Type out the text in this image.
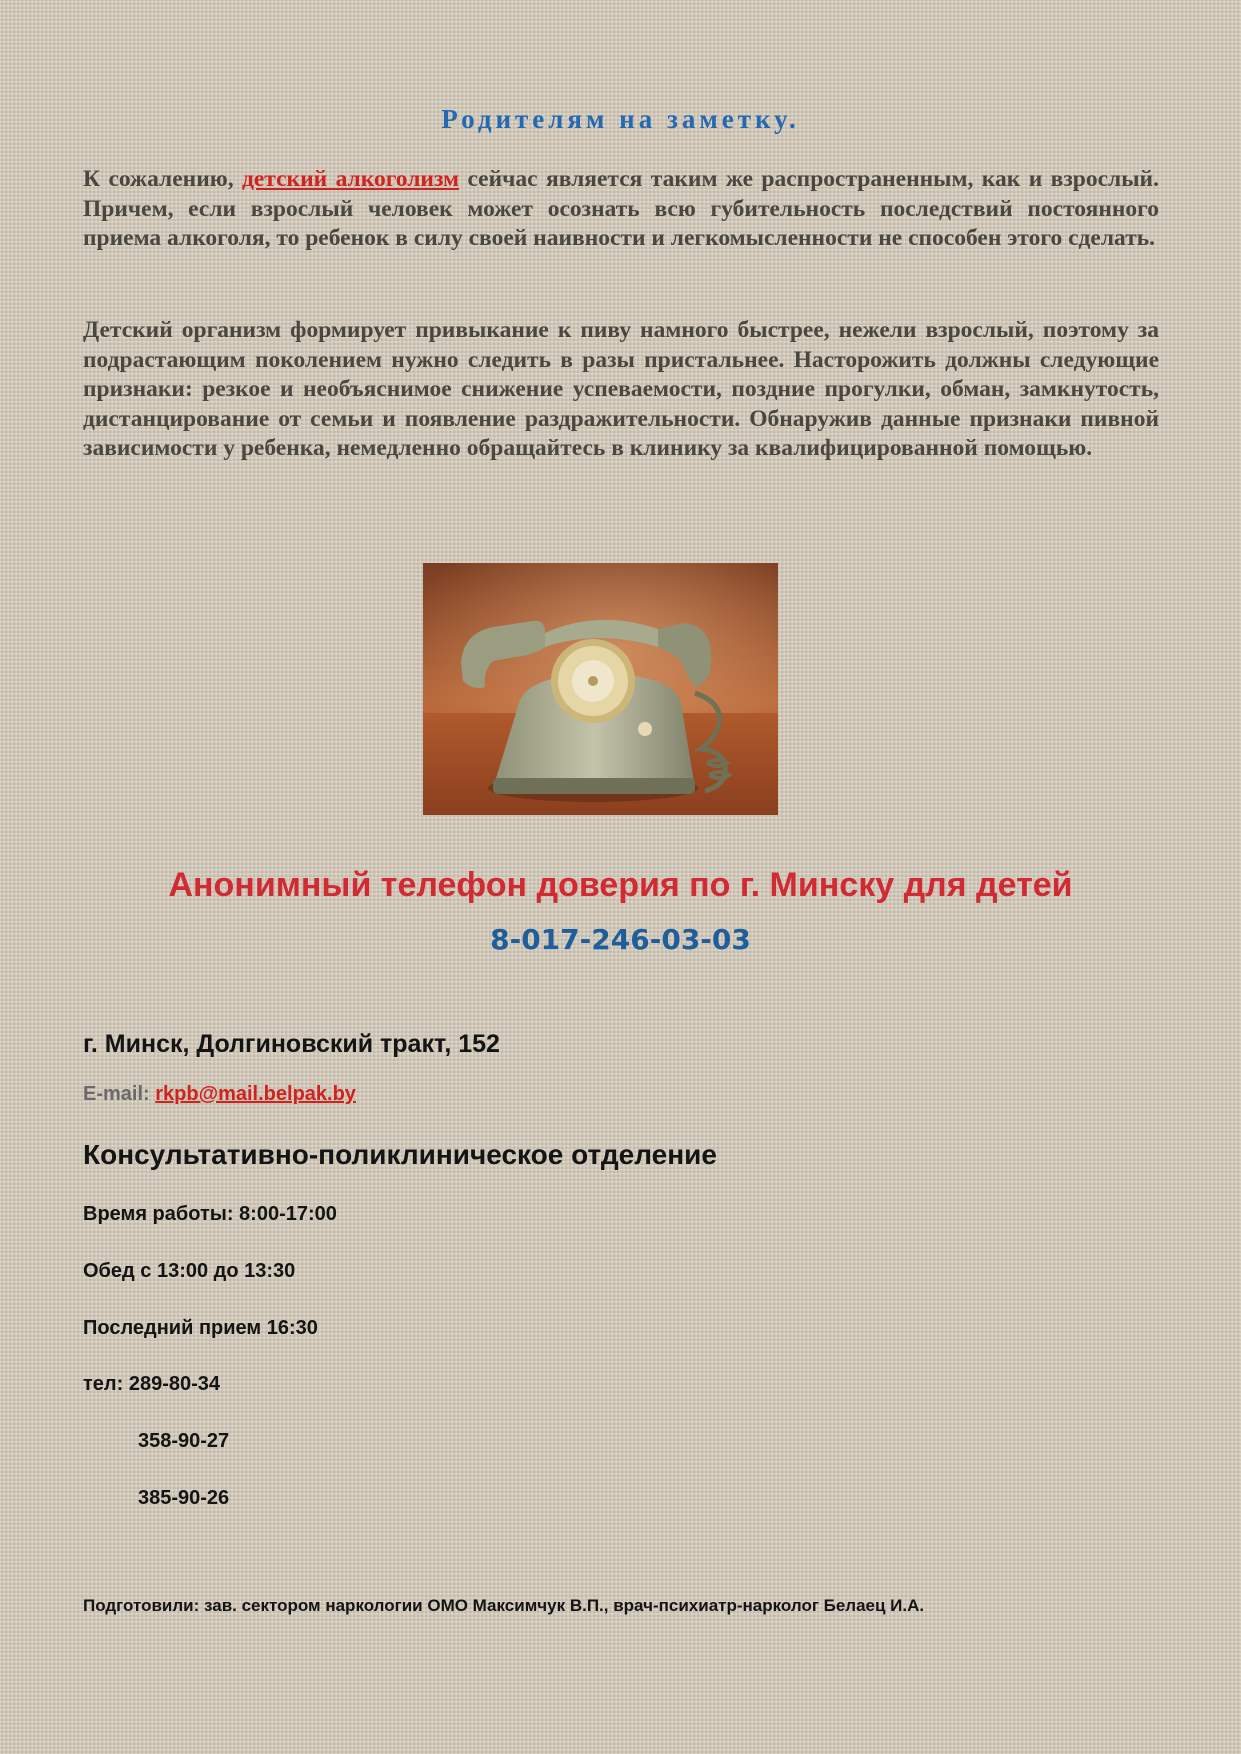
Родителям на заметку.

К сожалению, детский алкоголизм сейчас является таким же распространенным, как и взрослый. Причем, если взрослый человек может осознать всю губительность последствий постоянного приема алкоголя, то ребенок в силу своей наивности и легкомысленности не способен этого сделать.

Детский организм формирует привыкание к пиву намного быстрее, нежели взрослый, поэтому за подрастающим поколением нужно следить в разы пристальнее. Насторожить должны следующие признаки: резкое и необъяснимое снижение успеваемости, поздние прогулки, обман, замкнутость, дистанцирование от семьи и появление раздражительности. Обнаружив данные признаки пивной зависимости у ребенка, немедленно обращайтесь в клинику за квалифицированной помощью.

Анонимный телефон доверия по г. Минску для детей
8-017-246-03-03

г. Минск, Долгиновский тракт, 152

E-mail: rkpb@mail.belpak.by

Консультативно-поликлиническое отделение

Время работы: 8:00-17:00

Обед с 13:00 до 13:30

Последний прием 16:30

тел: 289-80-34

358-90-27

385-90-26

Подготовили: зав. сектором наркологии ОМО Максимчук В.П., врач-психиатр-нарколог Белаец И.А.
